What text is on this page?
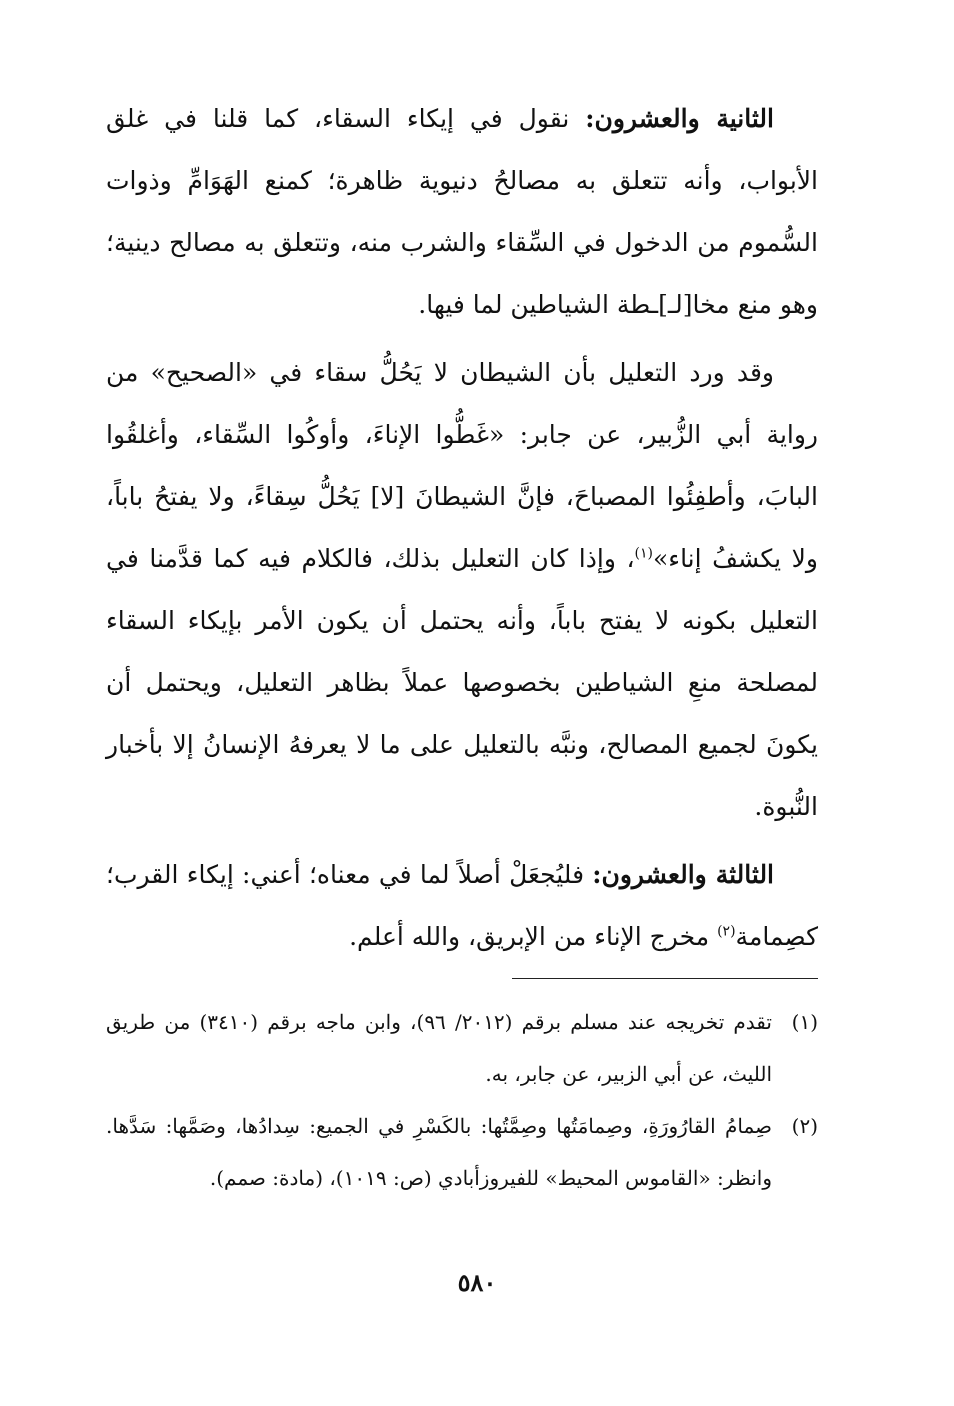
الثانية والعشرون: نقول في إيكاء السقاء، كما قلنا في غلق الأبواب، وأنه تتعلق به مصالحُ دنيوية ظاهرة؛ كمنع الهَوَامِّ وذوات السُّموم من الدخول في السِّقاء والشرب منه، وتتعلق به مصالح دينية؛ وهو منع مخا[لـ]ـطة الشياطين لما فيها.

وقد ورد التعليل بأن الشيطان لا يَحُلُّ سقاء في «الصحيح» من رواية أبي الزُّبير، عن جابر: «غَطُّوا الإناءَ، وأوكُوا السِّقاء، وأغلقُوا البابَ، وأطفِئُوا المصباحَ، فإنَّ الشيطانَ [لا] يَحُلُّ سِقاءً، ولا يفتحُ باباً، ولا يكشفُ إناء»$^{(١)}$، وإذا كان التعليل بذلك، فالكلام فيه كما قدَّمنا في التعليل بكونه لا يفتح باباً، وأنه يحتمل أن يكون الأمر بإيكاء السقاء لمصلحة منعِ الشياطين بخصوصها عملاً بظاهر التعليل، ويحتمل أن يكونَ لجميع المصالح، ونبَّه بالتعليل على ما لا يعرفهُ الإنسانُ إلا بأخبار النُّبوة.

الثالثة والعشرون: فليُجعَلْ أصلاً لما في معناه؛ أعني: إيكاء القرب؛ كصِمامة$^{(٢)}$ مخرج الإناء من الإبريق، والله أعلم.

(١)
تقدم تخريجه عند مسلم برقم (٢٠١٢/ ٩٦)، وابن ماجه برقم (٣٤١٠) من طريق الليث، عن أبي الزبير، عن جابر، به.
(٢)
صِمامُ القارُورَةِ، وصِمامَتُها وصِمَّتُها: بالكَسْرِ في الجميع: سِدادُها، وصَمَّها: سَدَّها. وانظر: «القاموس المحيط» للفيروزأبادي (ص: ١٠١٩)، (مادة: صمم).
٥٨٠
